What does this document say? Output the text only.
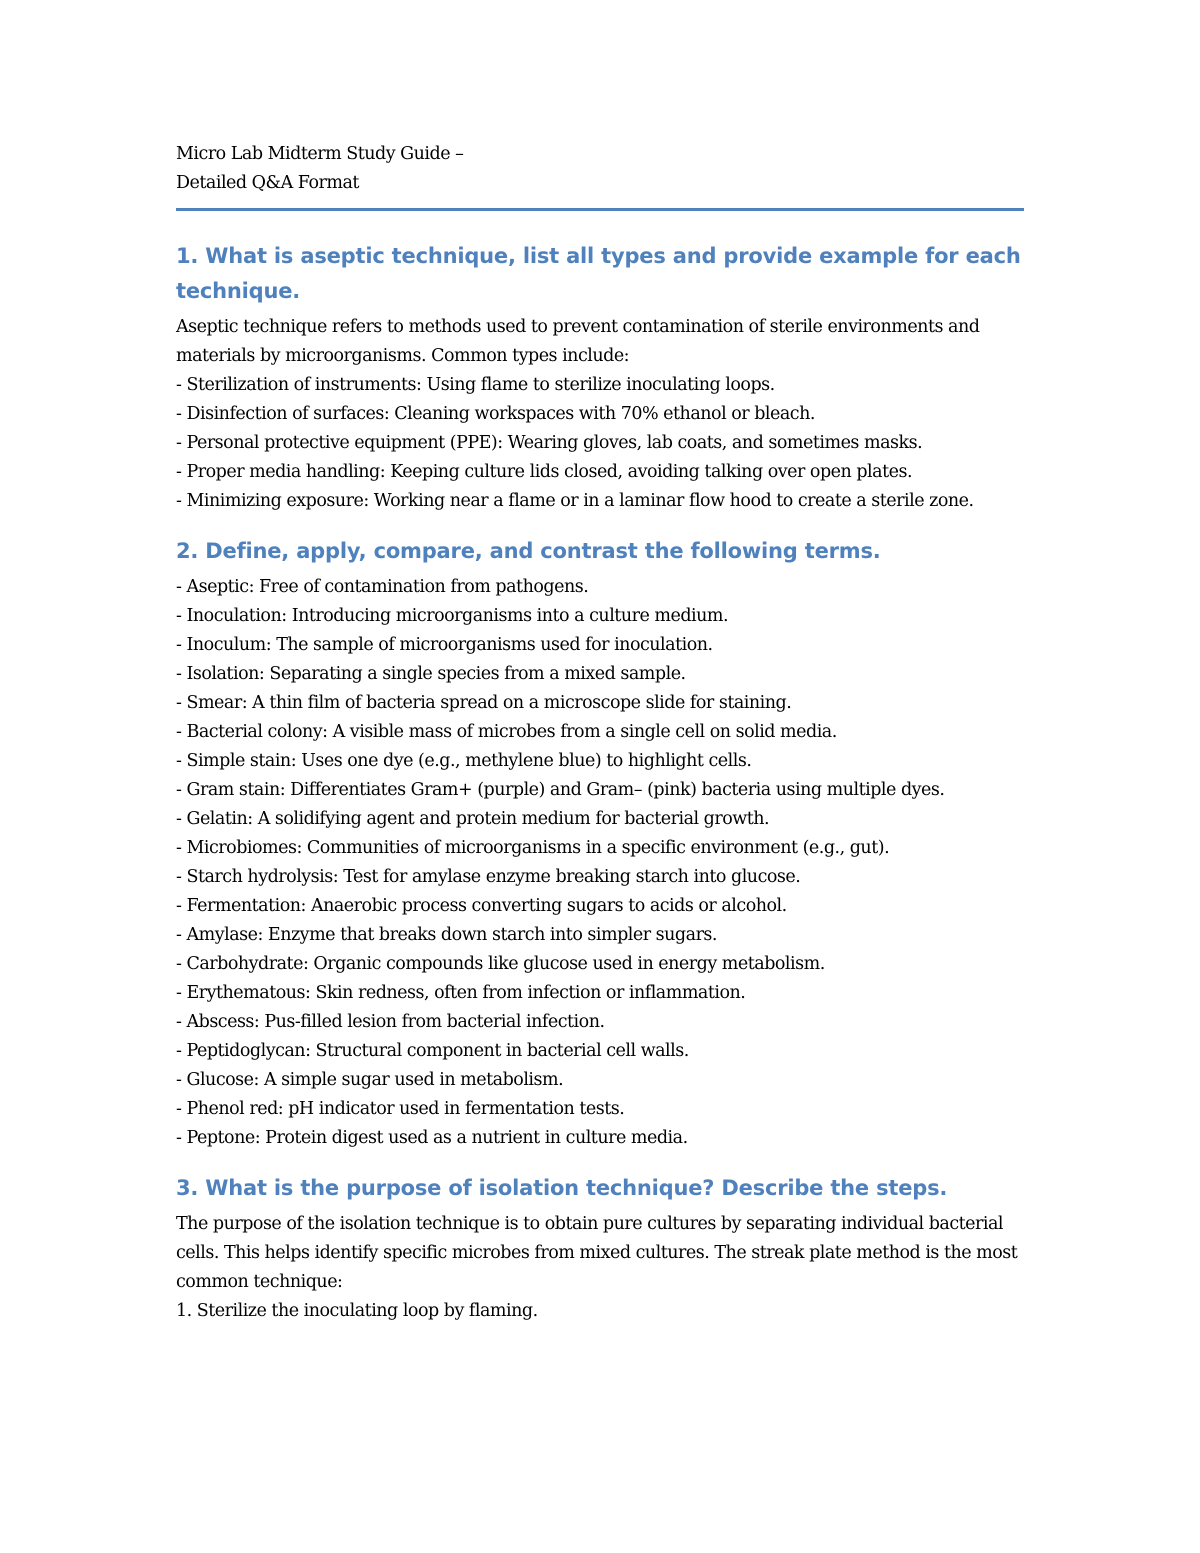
Micro Lab Midterm Study Guide –
Detailed Q&A Format
1. What is aseptic technique, list all types and provide example for each technique.

Aseptic technique refers to methods used to prevent contamination of sterile environments and materials by microorganisms. Common types include:

- Sterilization of instruments: Using flame to sterilize inoculating loops.
- Disinfection of surfaces: Cleaning workspaces with 70% ethanol or bleach.
- Personal protective equipment (PPE): Wearing gloves, lab coats, and sometimes masks.
- Proper media handling: Keeping culture lids closed, avoiding talking over open plates.
- Minimizing exposure: Working near a flame or in a laminar flow hood to create a sterile zone.
2. Define, apply, compare, and contrast the following terms.
- Aseptic: Free of contamination from pathogens.
- Inoculation: Introducing microorganisms into a culture medium.
- Inoculum: The sample of microorganisms used for inoculation.
- Isolation: Separating a single species from a mixed sample.
- Smear: A thin film of bacteria spread on a microscope slide for staining.
- Bacterial colony: A visible mass of microbes from a single cell on solid media.
- Simple stain: Uses one dye (e.g., methylene blue) to highlight cells.
- Gram stain: Differentiates Gram+ (purple) and Gram– (pink) bacteria using multiple dyes.
- Gelatin: A solidifying agent and protein medium for bacterial growth.
- Microbiomes: Communities of microorganisms in a specific environment (e.g., gut).
- Starch hydrolysis: Test for amylase enzyme breaking starch into glucose.
- Fermentation: Anaerobic process converting sugars to acids or alcohol.
- Amylase: Enzyme that breaks down starch into simpler sugars.
- Carbohydrate: Organic compounds like glucose used in energy metabolism.
- Erythematous: Skin redness, often from infection or inflammation.
- Abscess: Pus-filled lesion from bacterial infection.
- Peptidoglycan: Structural component in bacterial cell walls.
- Glucose: A simple sugar used in metabolism.
- Phenol red: pH indicator used in fermentation tests.
- Peptone: Protein digest used as a nutrient in culture media.
3. What is the purpose of isolation technique? Describe the steps.

The purpose of the isolation technique is to obtain pure cultures by separating individual bacterial cells. This helps identify specific microbes from mixed cultures. The streak plate method is the most common technique:

1. Sterilize the inoculating loop by flaming.
